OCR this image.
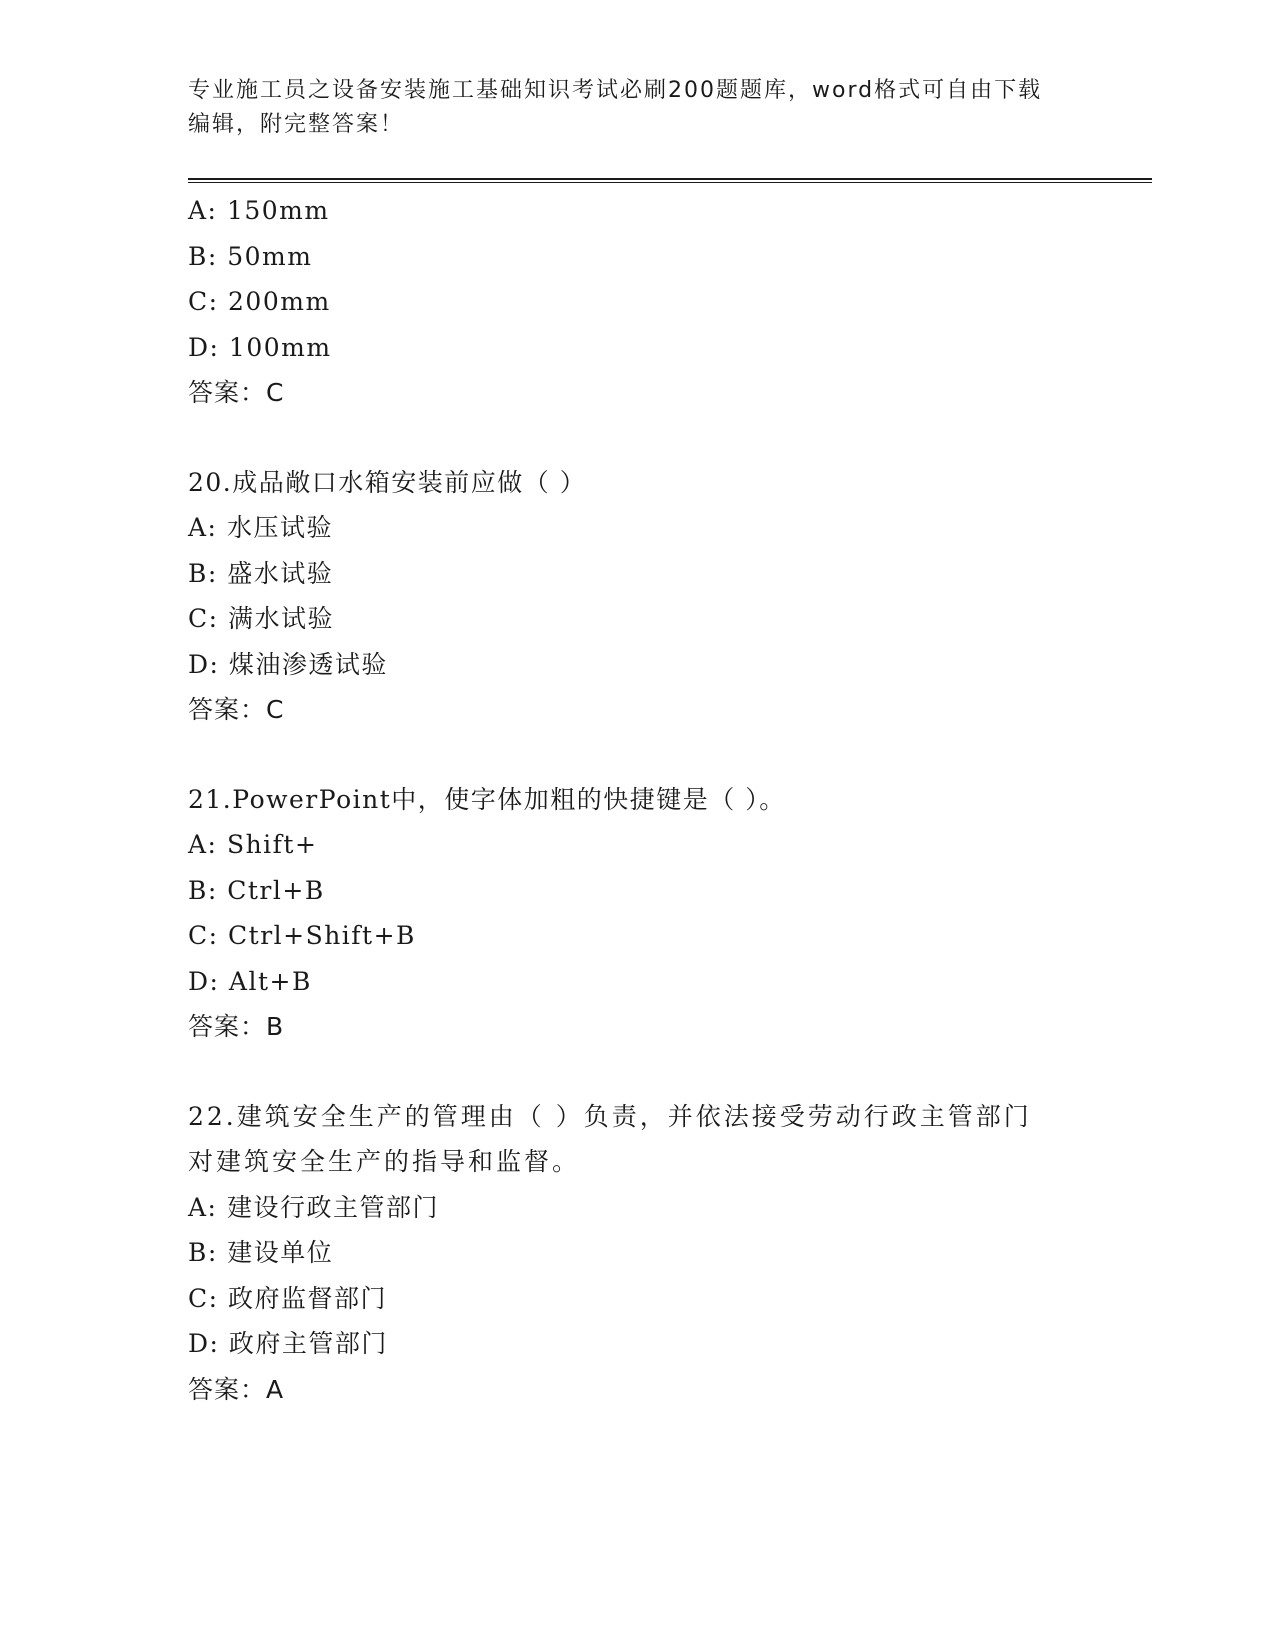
专业施工员之设备安装施工基础知识考试必刷200题题库，word格式可自由下载
编辑，附完整答案！
A: 150mm
B: 50mm
C: 200mm
D: 100mm
答案：C
20.成品敞口水箱安装前应做（ ）
A: 水压试验
B: 盛水试验
C: 满水试验
D: 煤油渗透试验
答案：C
21.PowerPoint中，使字体加粗的快捷键是（ ）。
A: Shift+
B: Ctrl+B
C: Ctrl+Shift+B
D: Alt+B
答案：B
22.建筑安全生产的管理由（ ）负责，并依法接受劳动行政主管部门
对建筑安全生产的指导和监督。
A: 建设行政主管部门
B: 建设单位
C: 政府监督部门
D: 政府主管部门
答案：A
